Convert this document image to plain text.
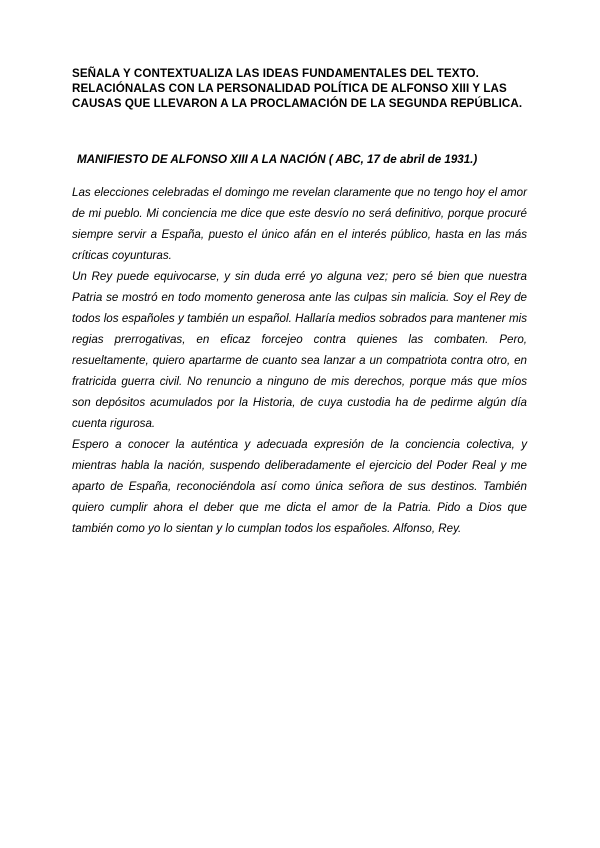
SEÑALA Y CONTEXTUALIZA LAS IDEAS FUNDAMENTALES DEL TEXTO. RELACIÓNALAS CON LA PERSONALIDAD POLÍTICA DE ALFONSO XIII Y LAS CAUSAS QUE LLEVARON A LA PROCLAMACIÓN DE LA SEGUNDA REPÚBLICA.

MANIFIESTO DE ALFONSO XIII A LA NACIÓN ( ABC, 17 de abril de 1931.)

Las elecciones celebradas el domingo me revelan claramente que no tengo hoy el amor de mi pueblo. Mi conciencia me dice que este desvío no será definitivo, porque procuré siempre servir a España, puesto el único afán en el interés público, hasta en las más críticas coyunturas.

Un Rey puede equivocarse, y sin duda erré yo alguna vez; pero sé bien que nuestra Patria se mostró en todo momento generosa ante las culpas sin malicia. Soy el Rey de todos los españoles y también un español. Hallaría medios sobrados para mantener mis regias prerrogativas, en eficaz forcejeo contra quienes las combaten. Pero, resueltamente, quiero apartarme de cuanto sea lanzar a un compatriota contra otro, en fratricida guerra civil. No renuncio a ninguno de mis derechos, porque más que míos son depósitos acumulados por la Historia, de cuya custodia ha de pedirme algún día cuenta rigurosa.

Espero a conocer la auténtica y adecuada expresión de la conciencia colectiva, y mientras habla la nación, suspendo deliberadamente el ejercicio del Poder Real y me aparto de España, reconociéndola así como única señora de sus destinos. También quiero cumplir ahora el deber que me dicta el amor de la Patria. Pido a Dios que también como yo lo sientan y lo cumplan todos los españoles. Alfonso, Rey.
